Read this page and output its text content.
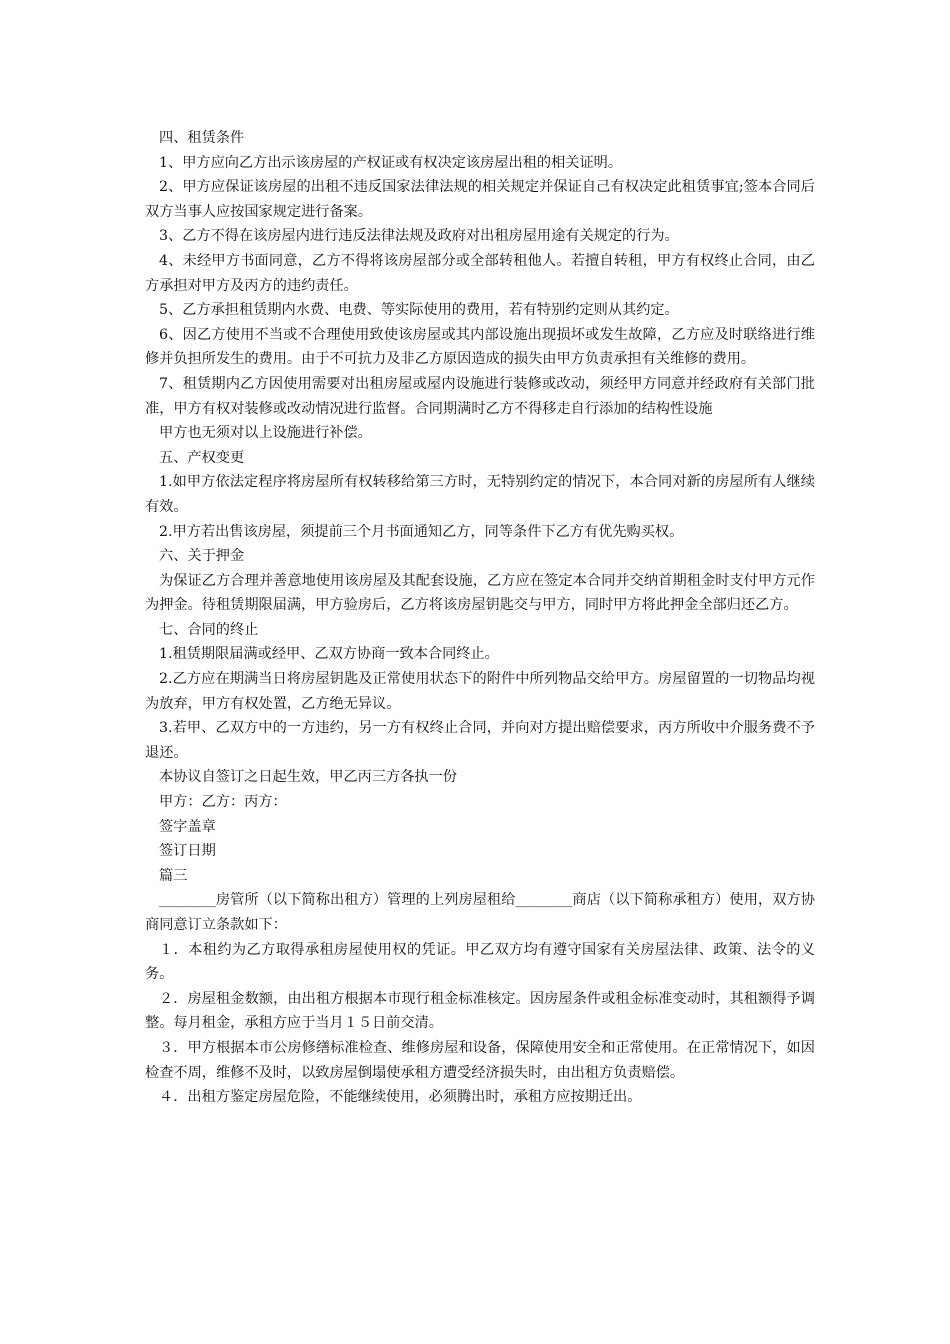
四、租赁条件

1、甲方应向乙方出示该房屋的产权证或有权决定该房屋出租的相关证明。

2、甲方应保证该房屋的出租不违反国家法律法规的相关规定并保证自己有权决定此租赁事宜;签本合同后双方当事人应按国家规定进行备案。

3、乙方不得在该房屋内进行违反法律法规及政府对出租房屋用途有关规定的行为。

4、未经甲方书面同意，乙方不得将该房屋部分或全部转租他人。若擅自转租，甲方有权终止合同，由乙方承担对甲方及丙方的违约责任。

5、乙方承担租赁期内水费、电费、等实际使用的费用，若有特别约定则从其约定。

6、因乙方使用不当或不合理使用致使该房屋或其内部设施出现损坏或发生故障，乙方应及时联络进行维修并负担所发生的费用。由于不可抗力及非乙方原因造成的损失由甲方负责承担有关维修的费用。

7、租赁期内乙方因使用需要对出租房屋或屋内设施进行装修或改动，须经甲方同意并经政府有关部门批准，甲方有权对装修或改动情况进行监督。合同期满时乙方不得移走自行添加的结构性设施

甲方也无须对以上设施进行补偿。

五、产权变更

1.如甲方依法定程序将房屋所有权转移给第三方时，无特别约定的情况下，本合同对新的房屋所有人继续有效。

2.甲方若出售该房屋，须提前三个月书面通知乙方，同等条件下乙方有优先购买权。

六、关于押金

为保证乙方合理并善意地使用该房屋及其配套设施，乙方应在签定本合同并交纳首期租金时支付甲方元作为押金。待租赁期限届满，甲方验房后，乙方将该房屋钥匙交与甲方，同时甲方将此押金全部归还乙方。

七、合同的终止

1.租赁期限届满或经甲、乙双方协商一致本合同终止。

2.乙方应在期满当日将房屋钥匙及正常使用状态下的附件中所列物品交给甲方。房屋留置的一切物品均视为放弃，甲方有权处置，乙方绝无异议。

3.若甲、乙双方中的一方违约，另一方有权终止合同，并向对方提出赔偿要求，丙方所收中介服务费不予退还。

本协议自签订之日起生效，甲乙丙三方各执一份

甲方：乙方：丙方：

签字盖章

签订日期

篇三

________房管所（以下简称出租方）管理的上列房屋租给________商店（以下简称承租方）使用，双方协商同意订立条款如下：

１．本租约为乙方取得承租房屋使用权的凭证。甲乙双方均有遵守国家有关房屋法律、政策、法令的义务。

２．房屋租金数额，由出租方根据本市现行租金标准核定。因房屋条件或租金标准变动时，其租额得予调整。每月租金，承租方应于当月１５日前交清。

３．甲方根据本市公房修缮标准检查、维修房屋和设备，保障使用安全和正常使用。在正常情况下，如因检查不周，维修不及时，以致房屋倒塌使承租方遭受经济损失时，由出租方负责赔偿。

４．出租方鉴定房屋危险，不能继续使用，必须腾出时，承租方应按期迁出。
